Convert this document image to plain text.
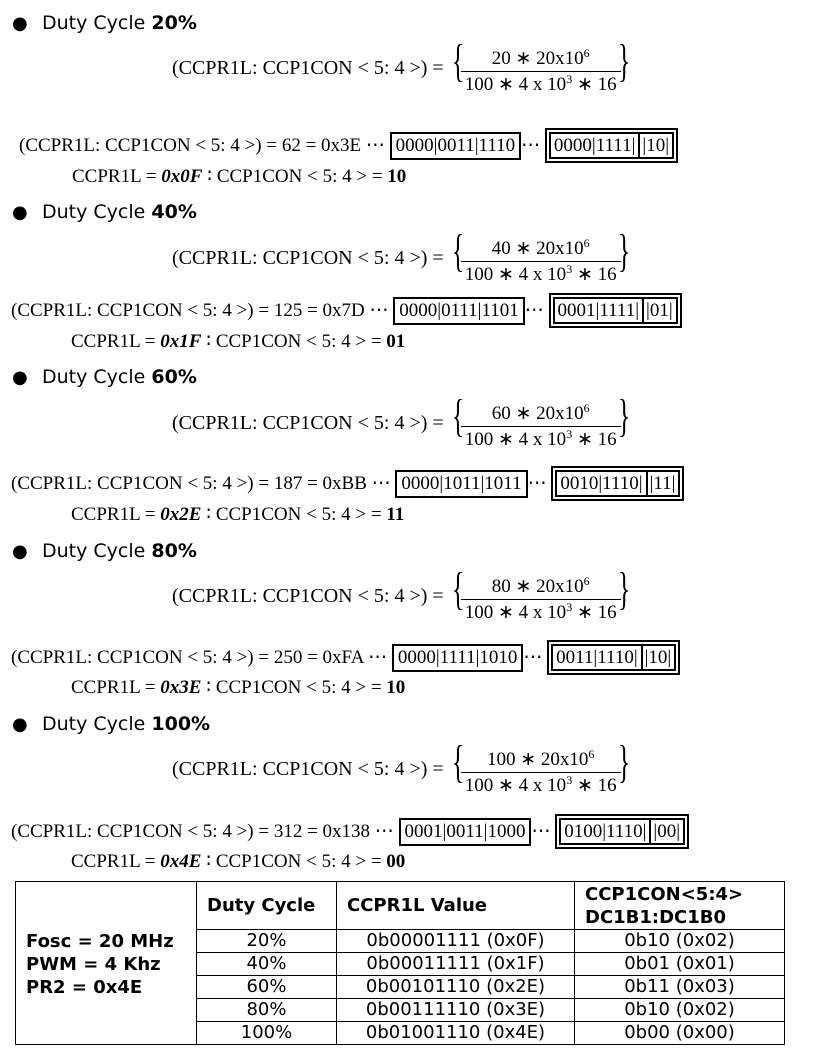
● Duty Cycle 20%
(CCPR1L: CCP1CON < 5: 4 >) = {
$\frac{20 ∗ 20x10^6}{100 ∗ 4 x 10^3 ∗ 16}$
}
(CCPR1L: CCP1CON < 5: 4 >) = 62 = 0x3E ⋯ 0000|0011|1110 ⋯ 0000|1111| |10|
CCPR1L = 0x0F ∶ CCP1CON < 5: 4 > = 10
● Duty Cycle 40%
(CCPR1L: CCP1CON < 5: 4 >) = {
$\frac{40 ∗ 20x10^6}{100 ∗ 4 x 10^3 ∗ 16}$
}
(CCPR1L: CCP1CON < 5: 4 >) = 125 = 0x7D ⋯ 0000|0111|1101 ⋯ 0001|1111| |01|
CCPR1L = 0x1F ∶ CCP1CON < 5: 4 > = 01
● Duty Cycle 60%
(CCPR1L: CCP1CON < 5: 4 >) = {
$\frac{60 ∗ 20x10^6}{100 ∗ 4 x 10^3 ∗ 16}$
}
(CCPR1L: CCP1CON < 5: 4 >) = 187 = 0xBB ⋯ 0000|1011|1011 ⋯ 0010|1110| |11|
CCPR1L = 0x2E ∶ CCP1CON < 5: 4 > = 11
● Duty Cycle 80%
(CCPR1L: CCP1CON < 5: 4 >) = {
$\frac{80 ∗ 20x10^6}{100 ∗ 4 x 10^3 ∗ 16}$
}
(CCPR1L: CCP1CON < 5: 4 >) = 250 = 0xFA ⋯ 0000|1111|1010 ⋯ 0011|1110| |10|
CCPR1L = 0x3E ∶ CCP1CON < 5: 4 > = 10
● Duty Cycle 100%
(CCPR1L: CCP1CON < 5: 4 >) = {
$\frac{100 ∗ 20x10^6}{100 ∗ 4 x 10^3 ∗ 16}$
}
(CCPR1L: CCP1CON < 5: 4 >) = 312 = 0x138 ⋯ 0001|0011|1000 ⋯ 0100|1110| |00|
CCPR1L = 0x4E ∶ CCP1CON < 5: 4 > = 00
	Duty Cycle	CCPR1L Value	CCP1CON<5:4>
DC1B1:DC1B0

Fosc = 20 MHz
PWM = 4 Khz
PR2 = 0x4E	20%	0b00001111 (0x0F)	0b10 (0x02)
	40%	0b00011111 (0x1F)	0b01 (0x01)
	60%	0b00101110 (0x2E)	0b11 (0x03)
	80%	0b00111110 (0x3E)	0b10 (0x02)
	100%	0b01001110 (0x4E)	0b00 (0x00)
